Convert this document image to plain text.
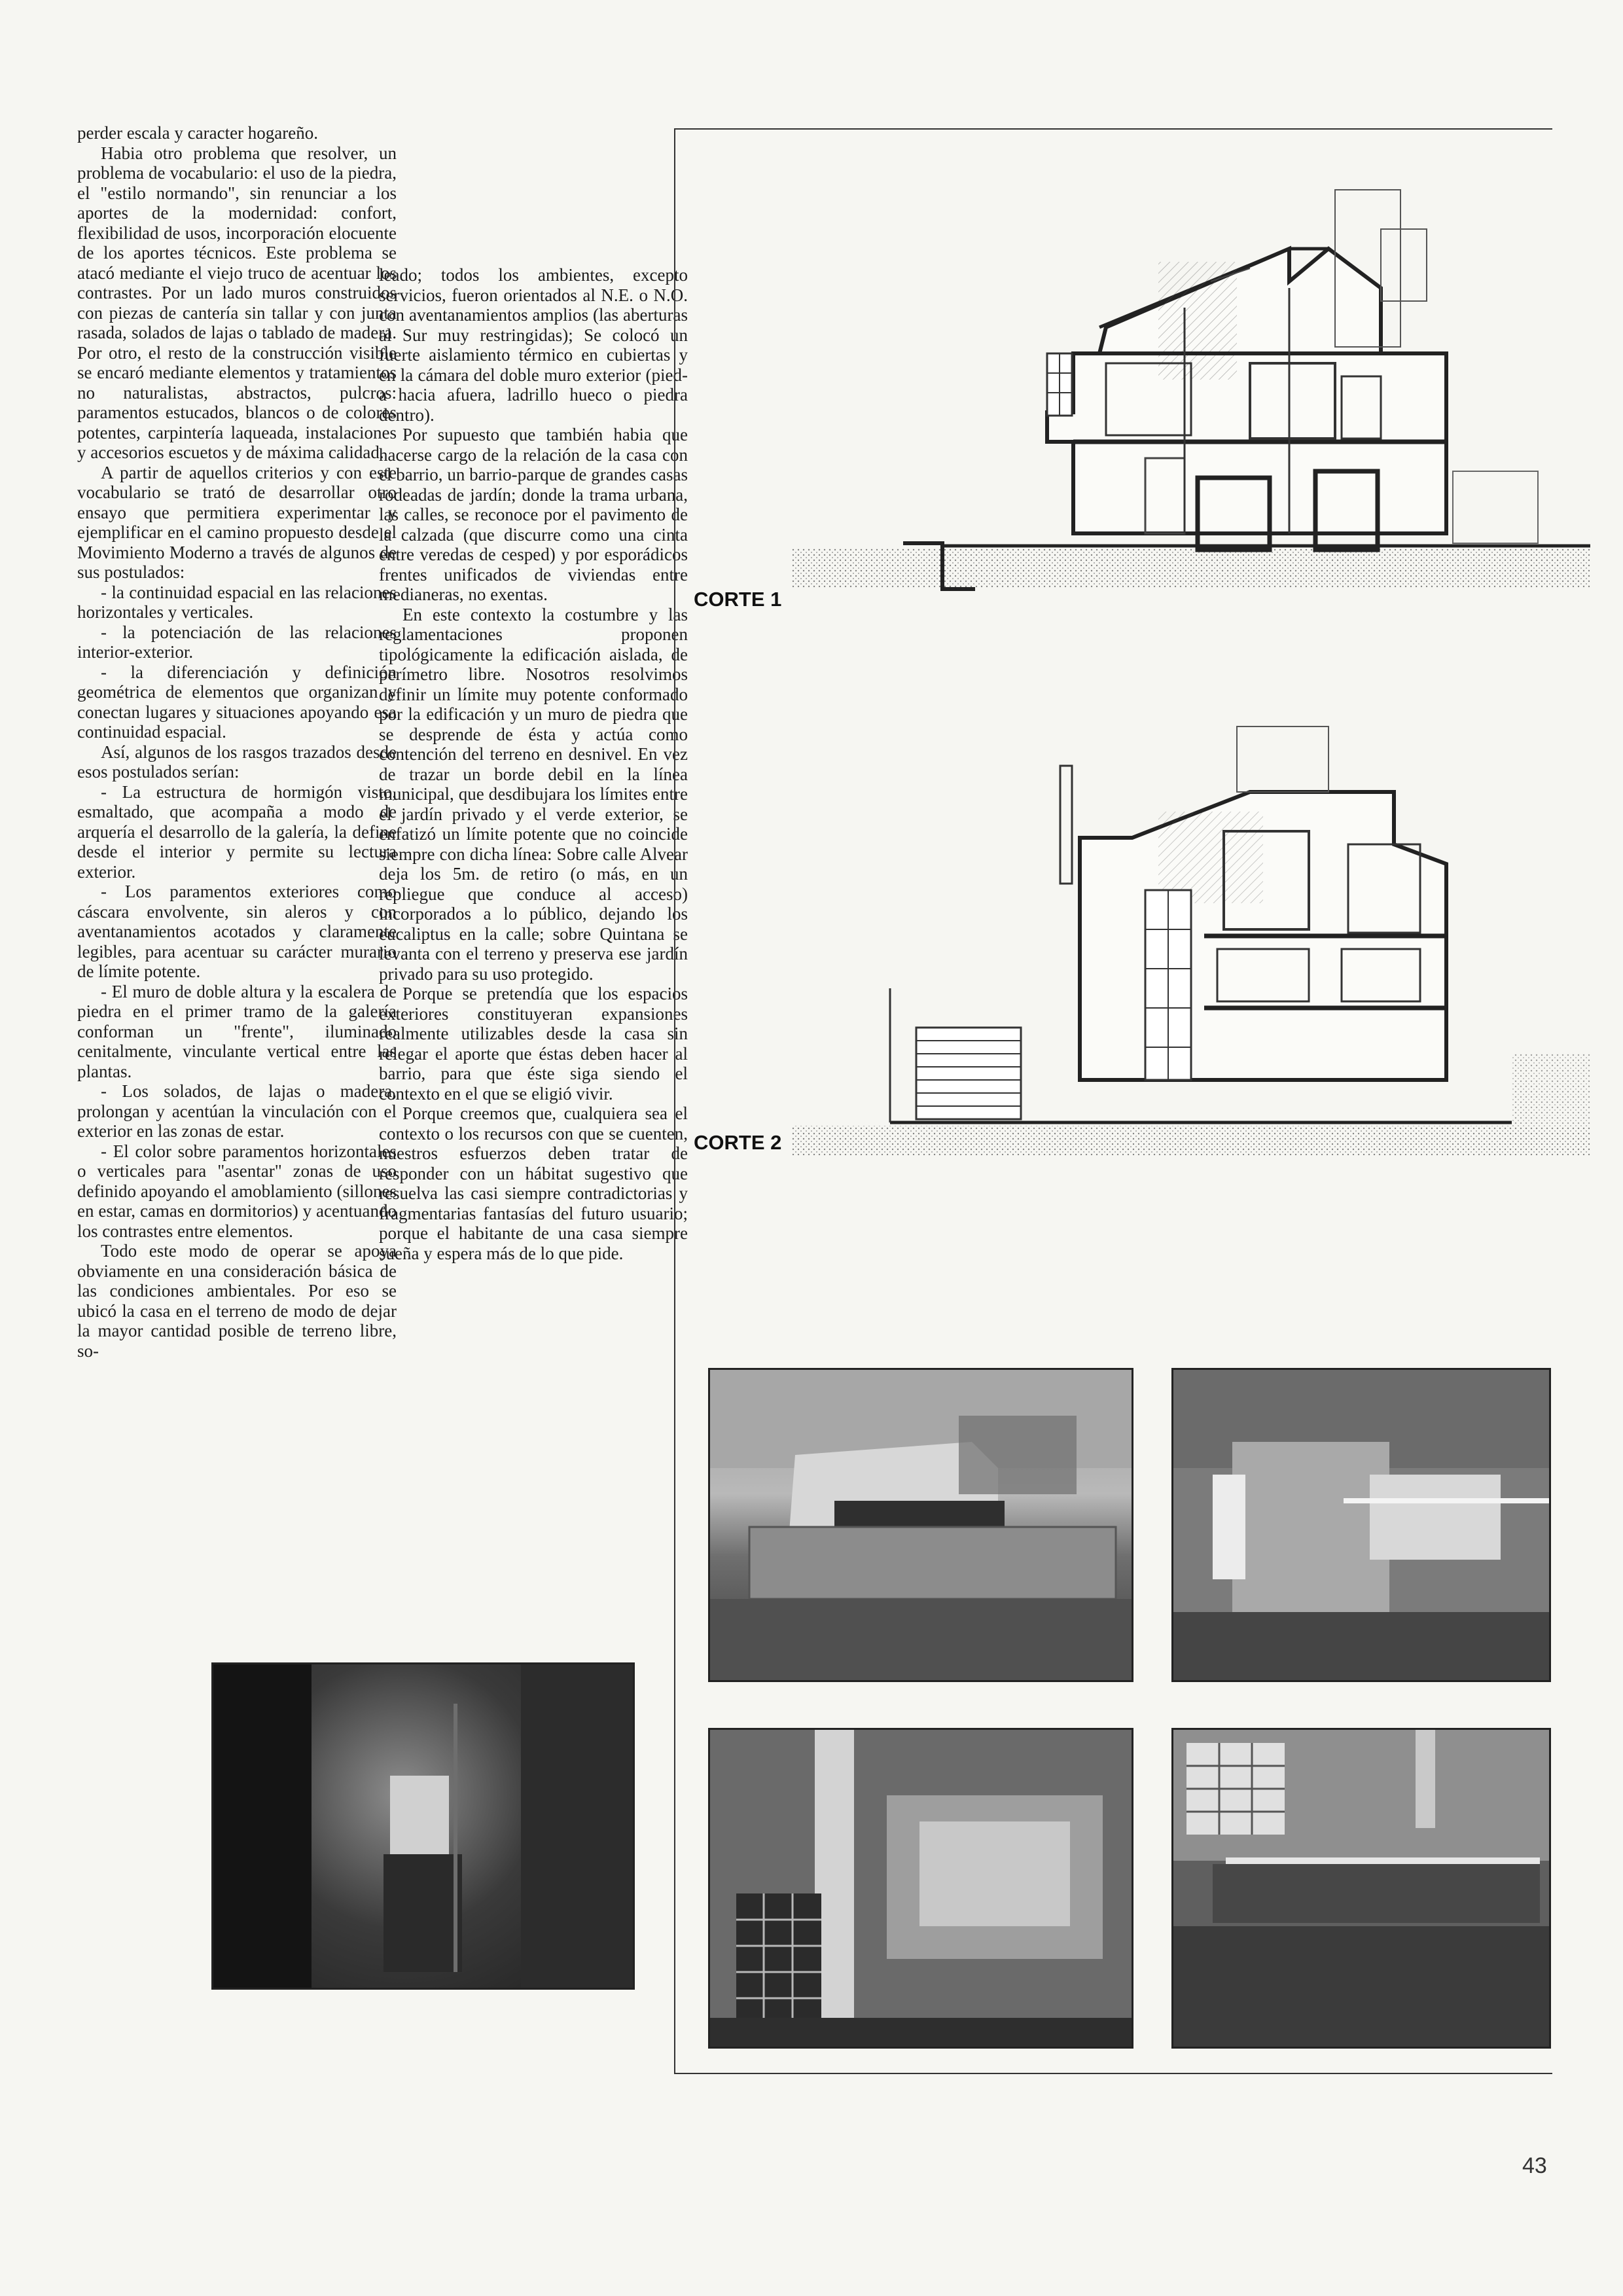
perder escala y caracter hogareño.

Habia otro problema que resolver, un problema de vocabulario: el uso de la piedra, el "estilo normando", sin renunciar a los aportes de la modernidad: confort, flexibilidad de usos, incorporación elocuente de los aportes técnicos. Este problema se atacó mediante el viejo truco de acentuar los contrastes. Por un lado muros construidos con piezas de cantería sin tallar y con junta rasada, solados de lajas o tablado de madera. Por otro, el resto de la construcción visible se encaró mediante elementos y tratamientos no naturalistas, abstractos, pulcros: paramentos estucados, blancos o de colores potentes, carpintería laqueada, instalaciones y accesorios escuetos y de máxima calidad.

A partir de aquellos criterios y con este vocabulario se trató de desarrollar otro ensayo que permitiera experimentar y ejemplificar en el camino propuesto desde el Movimiento Moderno a través de algunos de sus postulados:

- la continuidad espacial en las relaciones horizontales y verticales.

- la potenciación de las relaciones interior-exterior.

- la diferenciación y definición geométrica de elementos que organizan y conectan lugares y situaciones apoyando esa continuidad espacial.

Así, algunos de los rasgos trazados desde esos postulados serían:

- La estructura de hormigón visto, esmaltado, que acompaña a modo de arquería el desarrollo de la galería, la define desde el interior y permite su lectura exterior.

- Los paramentos exteriores como cáscara envolvente, sin aleros y con aventanamientos acotados y claramente legibles, para acentuar su carácter murario de límite potente.

- El muro de doble altura y la escalera de piedra en el primer tramo de la galería conforman un "frente", iluminado cenitalmente, vinculante vertical entre las plantas.

- Los solados, de lajas o madera, prolongan y acentúan la vinculación con el exterior en las zonas de estar.

- El color sobre paramentos horizontales o verticales para "asentar" zonas de uso definido apoyando el amoblamiento (sillones en estar, camas en dormitorios) y acentuando los contrastes entre elementos.

Todo este modo de operar se apoya obviamente en una consideración básica de las condiciones ambientales. Por eso se ubicó la casa en el terreno de modo de dejar la mayor cantidad posible de terreno libre, so-

leado; todos los ambientes, excepto servicios, fueron orientados al N.E. o N.O. con aventanamientos amplios (las aberturas al Sur muy restringidas); Se colocó un fuerte aislamiento térmico en cubiertas y en la cámara del doble muro exterior (pied-a hacia afuera, ladrillo hueco o piedra dentro).

Por supuesto que también habia que hacerse cargo de la relación de la casa con el barrio, un barrio-parque de grandes casas rodeadas de jardín; donde la trama urbana, las calles, se reconoce por el pavimento de la calzada (que discurre como una cinta entre veredas de cesped) y por esporádicos frentes unificados de viviendas entre medianeras, no exentas.

En este contexto la costumbre y las reglamentaciones proponen tipológicamente la edificación aislada, de perímetro libre. Nosotros resolvimos definir un límite muy potente conformado por la edificación y un muro de piedra que se desprende de ésta y actúa como contención del terreno en desnivel. En vez de trazar un borde debil en la línea municipal, que desdibujara los límites entre el jardín privado y el verde exterior, se enfatizó un límite potente que no coincide siempre con dicha línea: Sobre calle Alvear deja los 5m. de retiro (o más, en un repliegue que conduce al acceso) incorporados a lo público, dejando los eucaliptus en la calle; sobre Quintana se levanta con el terreno y preserva ese jardín privado para su uso protegido.

Porque se pretendía que los espacios exteriores constituyeran expansiones realmente utilizables desde la casa sin relegar el aporte que éstas deben hacer al barrio, para que éste siga siendo el contexto en el que se eligió vivir.

Porque creemos que, cualquiera sea el contexto o los recursos con que se cuenten, nuestros esfuerzos deben tratar de responder con un hábitat sugestivo que resuelva las casi siempre contradictorias y fragmentarias fantasías del futuro usuario; porque el habitante de una casa siempre sueña y espera más de lo que pide.

CORTE 1
CORTE 2
43
